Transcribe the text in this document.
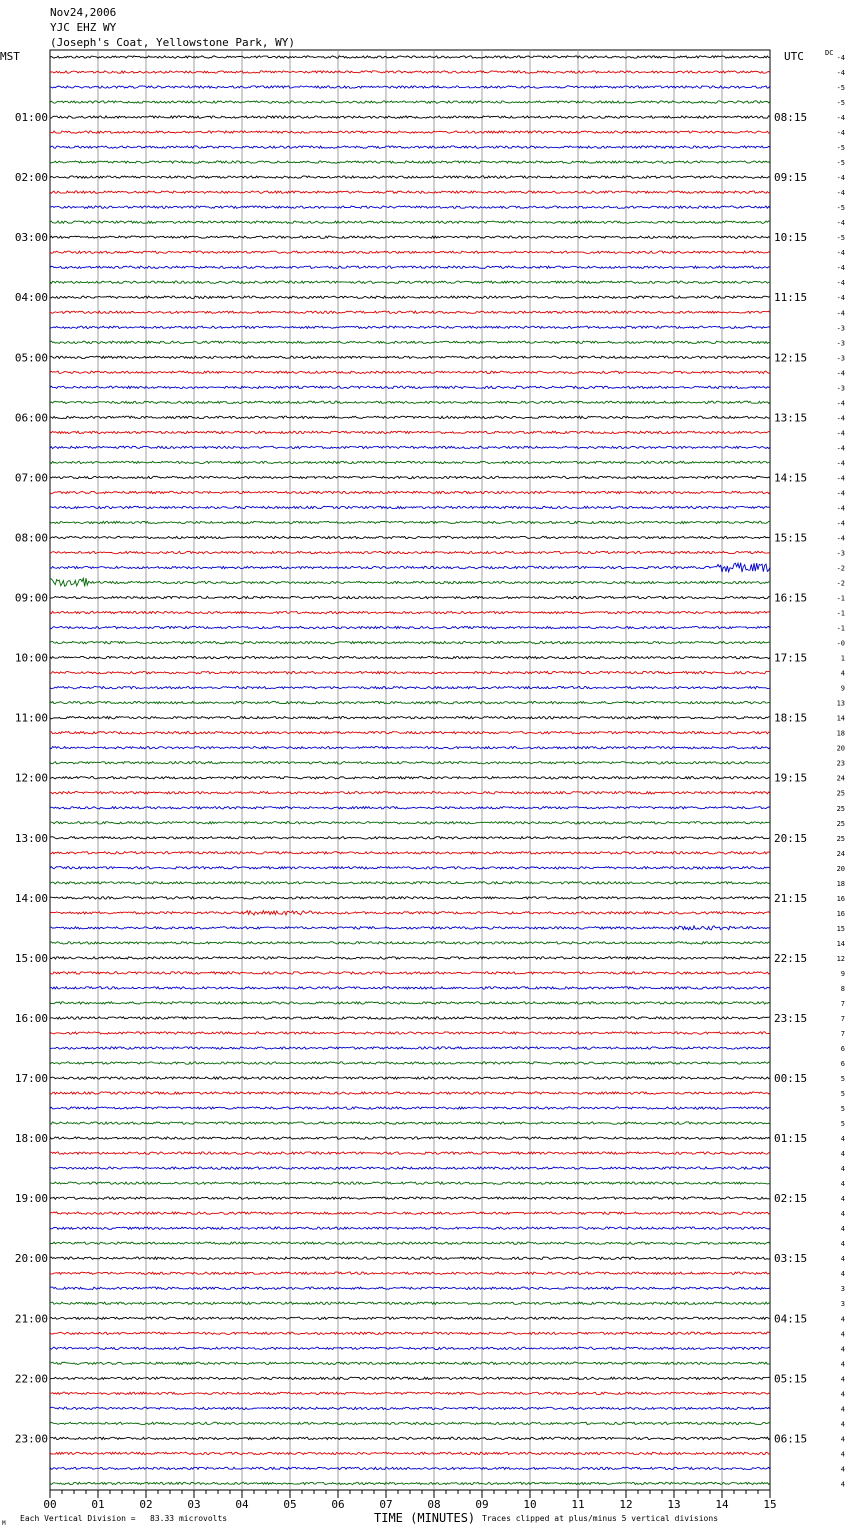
Nov24,2006
YJC EHZ WY
(Joseph's Coat, Yellowstone Park, WY)
MST	UTC	DC
00	01	02	03	04	05	06	07	08	09	10	11	12	13	14	15
-4
-4
-5
-5
-4
-4
-5
-5
-4
-4
-5
-4
-5
-4
-4
-4
-4
-4
-3
-3
-3
-4
-3
-4
-4
-4
-4
-4
-4
-4
-4
-4
-4
-3
-2
-2
-1
-1
-1
-0
1
4
9
13
14
18
20
23
24
25
25
25
25
24
20
18
16
16
15
14
12
9
8
7
7
7
6
6
5
5
5
5
4
4
4
4
4
4
4
4
4
4
3
3
4
4
4
4
4
4
4
4
4
4
4
4
01:00
02:00
03:00
04:00
05:00
06:00
07:00
08:00
09:00
10:00
11:00
12:00
13:00
14:00
15:00
16:00
17:00
18:00
19:00
20:00
21:00
22:00
23:00
08:15
09:15
10:15
11:15
12:15
13:15
14:15
15:15
16:15
17:15
18:15
19:15
20:15
21:15
22:15
23:15
00:15
01:15
02:15
03:15
04:15
05:15
06:15
M
Each Vertical Division =   83.33 microvolts	TIME (MINUTES) Traces clipped at plus/minus 5 vertical divisions
